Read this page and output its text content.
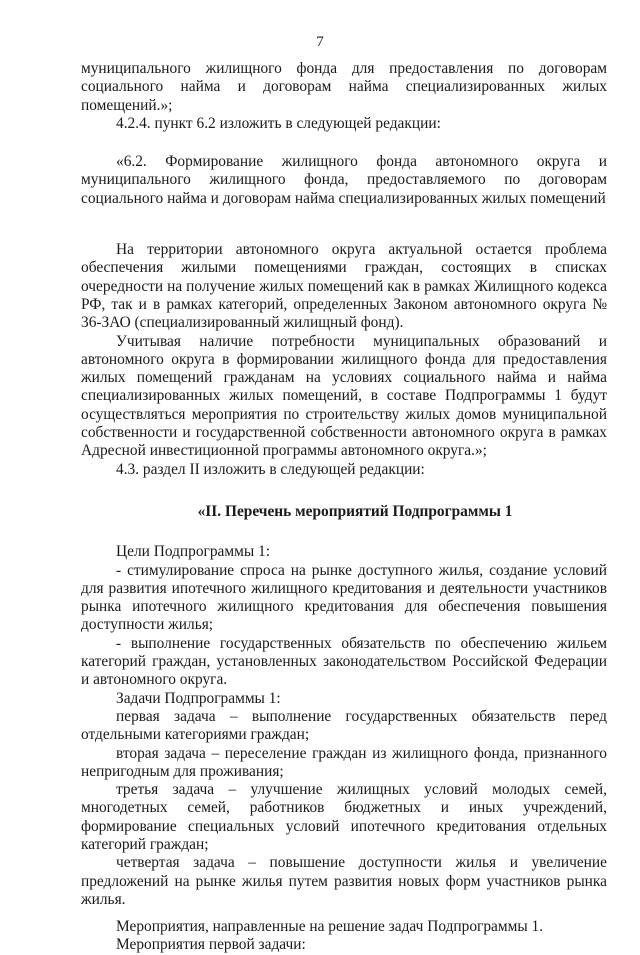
7

муниципального жилищного фонда для предоставления по договорам социального найма и договорам найма специализированных жилых помещений.»;

4.2.4. пункт 6.2 изложить в следующей редакции:

«6.2. Формирование жилищного фонда автономного округа и муниципального жилищного фонда, предоставляемого по договорам социального найма и договорам найма специализированных жилых помещений

На территории автономного округа актуальной остается проблема обеспечения жилыми помещениями граждан, состоящих в списках очередности на получение жилых помещений как в рамках Жилищного кодекса РФ, так и в рамках категорий, определенных Законом автономного округа № 36-ЗАО (специализированный жилищный фонд).

Учитывая наличие потребности муниципальных образований и автономного округа в формировании жилищного фонда для предоставления жилых помещений гражданам на условиях социального найма и найма специализированных жилых помещений, в составе Подпрограммы 1 будут осуществляться мероприятия по строительству жилых домов муниципальной собственности и государственной собственности автономного округа в рамках Адресной инвестиционной программы автономного округа.»;

4.3. раздел II изложить в следующей редакции:

«II. Перечень мероприятий Подпрограммы 1

Цели Подпрограммы 1:

- стимулирование спроса на рынке доступного жилья, создание условий для развития ипотечного жилищного кредитования и деятельности участников рынка ипотечного жилищного кредитования для обеспечения повышения доступности жилья;

- выполнение государственных обязательств по обеспечению жильем категорий граждан, установленных законодательством Российской Федерации и автономного округа.

Задачи Подпрограммы 1:

первая задача – выполнение государственных обязательств перед отдельными категориями граждан;

вторая задача – переселение граждан из жилищного фонда, признанного непригодным для проживания;

третья задача – улучшение жилищных условий молодых семей, многодетных семей, работников бюджетных и иных учреждений, формирование специальных условий ипотечного кредитования отдельных категорий граждан;

четвертая задача – повышение доступности жилья и увеличение предложений на рынке жилья путем развития новых форм участников рынка жилья.

Мероприятия, направленные на решение задач Подпрограммы 1.

Мероприятия первой задачи:
